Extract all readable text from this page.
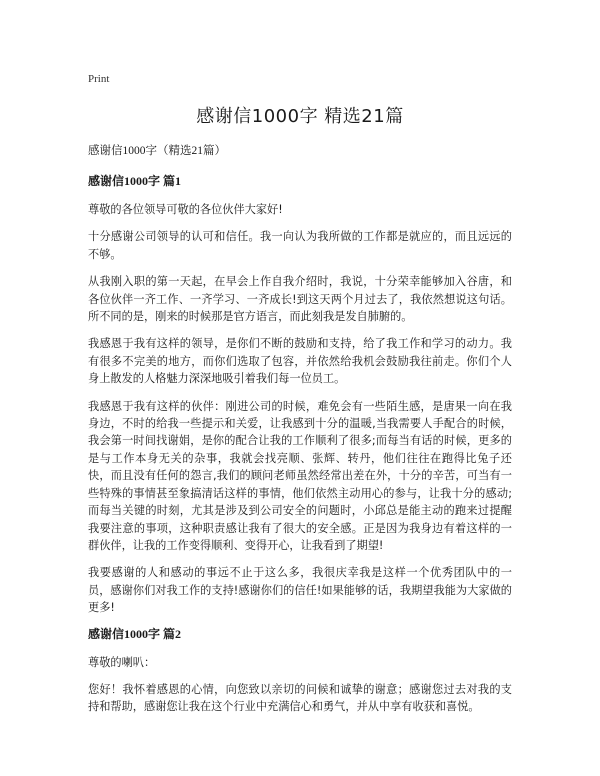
Print
感谢信1000字 精选21篇

感谢信1000字（精选21篇）

感谢信1000字 篇1

尊敬的各位领导可敬的各位伙伴大家好!

十分感谢公司领导的认可和信任。我一向认为我所做的工作都是就应的，而且远远的不够。

从我刚入职的第一天起，在早会上作自我介绍时，我说，十分荣幸能够加入谷唐，和各位伙伴一齐工作、一齐学习、一齐成长!到这天两个月过去了，我依然想说这句话。所不同的是，刚来的时候那是官方语言，而此刻我是发自肺腑的。

我感恩于我有这样的领导，是你们不断的鼓励和支持，给了我工作和学习的动力。我有很多不完美的地方，而你们选取了包容，并依然给我机会鼓励我往前走。你们个人身上散发的人格魅力深深地吸引着我们每一位员工。

我感恩于我有这样的伙伴：刚进公司的时候，难免会有一些陌生感，是唐果一向在我身边，不时的给我一些提示和关爱，让我感到十分的温暖,当我需要人手配合的时候，我会第一时间找谢娟，是你的配合让我的工作顺利了很多;而每当有话的时候，更多的是与工作本身无关的杂事，我就会找亮顺、张辉、转丹，他们往往在跑得比兔子还快，而且没有任何的怨言,我们的顾问老师虽然经常出差在外，十分的辛苦，可当有一些特殊的事情甚至象搞清话这样的事情，他们依然主动用心的参与，让我十分的感动;而每当关键的时刻，尤其是涉及到公司安全的问题时，小邱总是能主动的跑来过提醒我要注意的事项，这种职责感让我有了很大的安全感。正是因为我身边有着这样的一群伙伴，让我的工作变得顺利、变得开心，让我看到了期望!

我要感谢的人和感动的事远不止于这么多，我很庆幸我是这样一个优秀团队中的一员，感谢你们对我工作的支持!感谢你们的信任!如果能够的话，我期望我能为大家做的更多!

感谢信1000字 篇2

尊敬的喇叭：

您好！我怀着感恩的心情，向您致以亲切的问候和诚挚的谢意；感谢您过去对我的支持和帮助，感谢您让我在这个行业中充满信心和勇气，并从中享有收获和喜悦。
